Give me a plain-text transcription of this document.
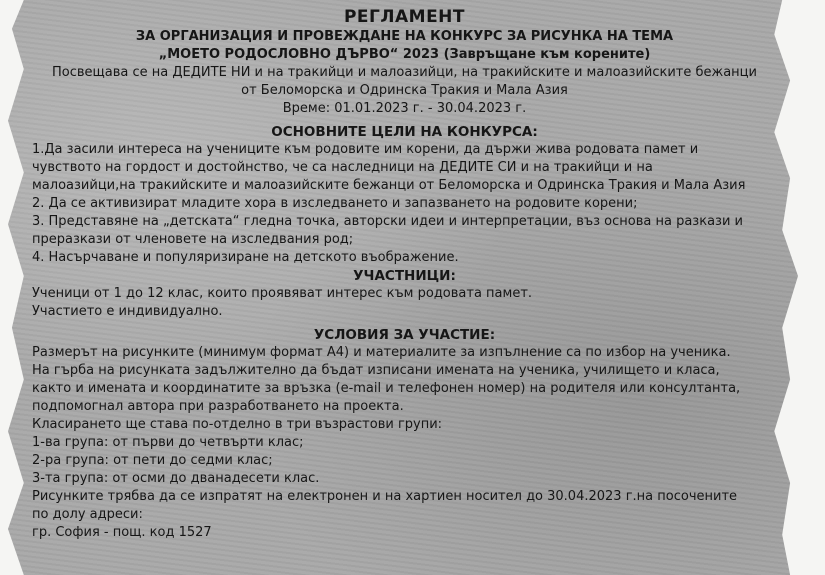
РЕГЛАМЕНТ

ЗА ОРГАНИЗАЦИЯ И ПРОВЕЖДАНЕ НА КОНКУРС ЗА РИСУНКА НА ТЕМА

„МОЕТО РОДОСЛОВНО ДЪРВО“ 2023 (Завръщане към корените)

Посвещава се на ДЕДИТЕ НИ и на тракийци и малоазийци, на тракийските и малоазийските бежанци

от Беломорска и Одринска Тракия и Мала Азия

Време: 01.01.2023 г. - 30.04.2023 г.

ОСНОВНИТЕ ЦЕЛИ НА КОНКУРСА:

1.Да засили интереса на учениците към родовите им корени, да държи жива родовата памет и

чувството на гордост и достойнство, че са наследници на ДЕДИТЕ СИ и на тракийци и на

малоазийци,на тракийските и малоазийските бежанци от Беломорска и Одринска Тракия и Мала Азия

2. Да се активизират младите хора в изследването и запазването на родовите корени;

3. Представяне на „детската“ гледна точка, авторски идеи и интерпретации, въз основа на разкази и

преразкази от членовете на изследвания род;

4. Насърчаване и популяризиране на детското въображение.

УЧАСТНИЦИ:

Ученици от 1 до 12 клас, които проявяват интерес към родовата памет.

Участието е индивидуално.

УСЛОВИЯ ЗА УЧАСТИЕ:

Размерът на рисунките (минимум формат А4) и материалите за изпълнение са по избор на ученика.

На гърба на рисунката задължително да бъдат изписани имената на ученика, училището и класа,

както и имената и координатите за връзка (e-mail и телефонен номер) на родителя или консултанта,

подпомогнал автора при разработването на проекта.

Класирането ще става по-отделно в три възрастови групи:

1-ва група: от първи до четвърти клас;

2-ра група: от пети до седми клас;

3-та група: от осми до дванадесети клас.

Рисунките трябва да се изпратят на електронен и на хартиен носител до 30.04.2023 г.на посочените

по долу адреси:

гр. София - пощ. код 1527
